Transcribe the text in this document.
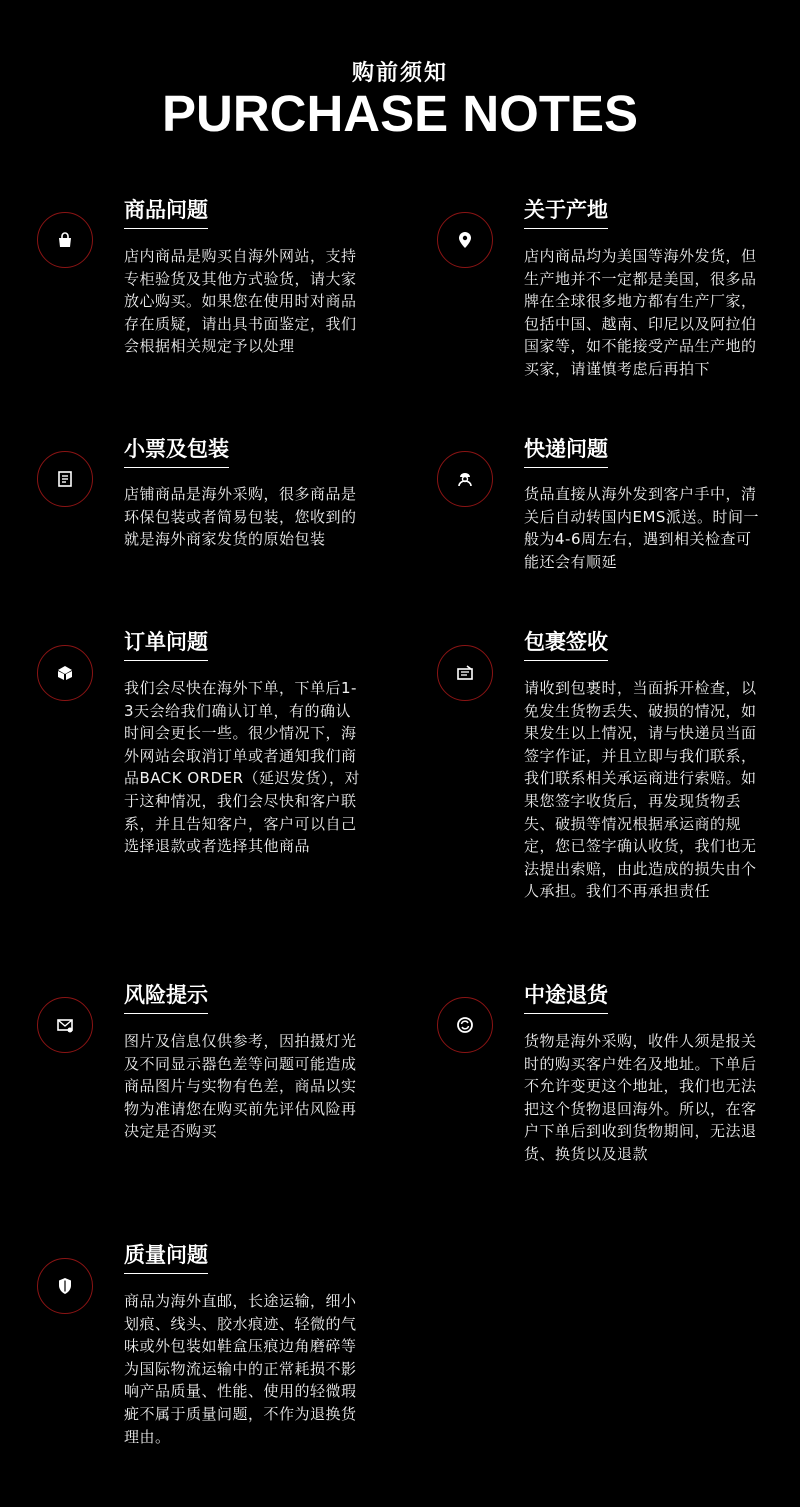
购前须知
PURCHASE NOTES
商品问题
店内商品是购买自海外网站，支持专柜验货及其他方式验货，请大家放心购买。如果您在使用时对商品存在质疑，请出具书面鉴定，我们会根据相关规定予以处理
关于产地
店内商品均为美国等海外发货，但生产地并不一定都是美国，很多品牌在全球很多地方都有生产厂家，包括中国、越南、印尼以及阿拉伯国家等，如不能接受产品生产地的买家，请谨慎考虑后再拍下
小票及包装
店铺商品是海外采购，很多商品是环保包装或者简易包装，您收到的就是海外商家发货的原始包装
快递问题
货品直接从海外发到客户手中，清关后自动转国内EMS派送。时间一般为4-6周左右，遇到相关检查可能还会有顺延
订单问题
我们会尽快在海外下单，下单后1-3天会给我们确认订单，有的确认时间会更长一些。很少情况下，海外网站会取消订单或者通知我们商品BACK ORDER（延迟发货），对于这种情况，我们会尽快和客户联系，并且告知客户，客户可以自己选择退款或者选择其他商品
包裹签收
请收到包裹时，当面拆开检查，以免发生货物丢失、破损的情况，如果发生以上情况，请与快递员当面签字作证，并且立即与我们联系，我们联系相关承运商进行索赔。如果您签字收货后，再发现货物丢失、破损等情况根据承运商的规定，您已签字确认收货，我们也无法提出索赔，由此造成的损失由个人承担。我们不再承担责任
风险提示
图片及信息仅供参考，因拍摄灯光及不同显示器色差等问题可能造成商品图片与实物有色差，商品以实物为准请您在购买前先评估风险再决定是否购买
中途退货
货物是海外采购，收件人须是报关时的购买客户姓名及地址。下单后不允许变更这个地址，我们也无法把这个货物退回海外。所以，在客户下单后到收到货物期间，无法退货、换货以及退款
质量问题
商品为海外直邮，长途运输，细小划痕、线头、胶水痕迹、轻微的气味或外包装如鞋盒压痕边角磨碎等为国际物流运输中的正常耗损不影响产品质量、性能、使用的轻微瑕疵不属于质量问题，不作为退换货理由。
